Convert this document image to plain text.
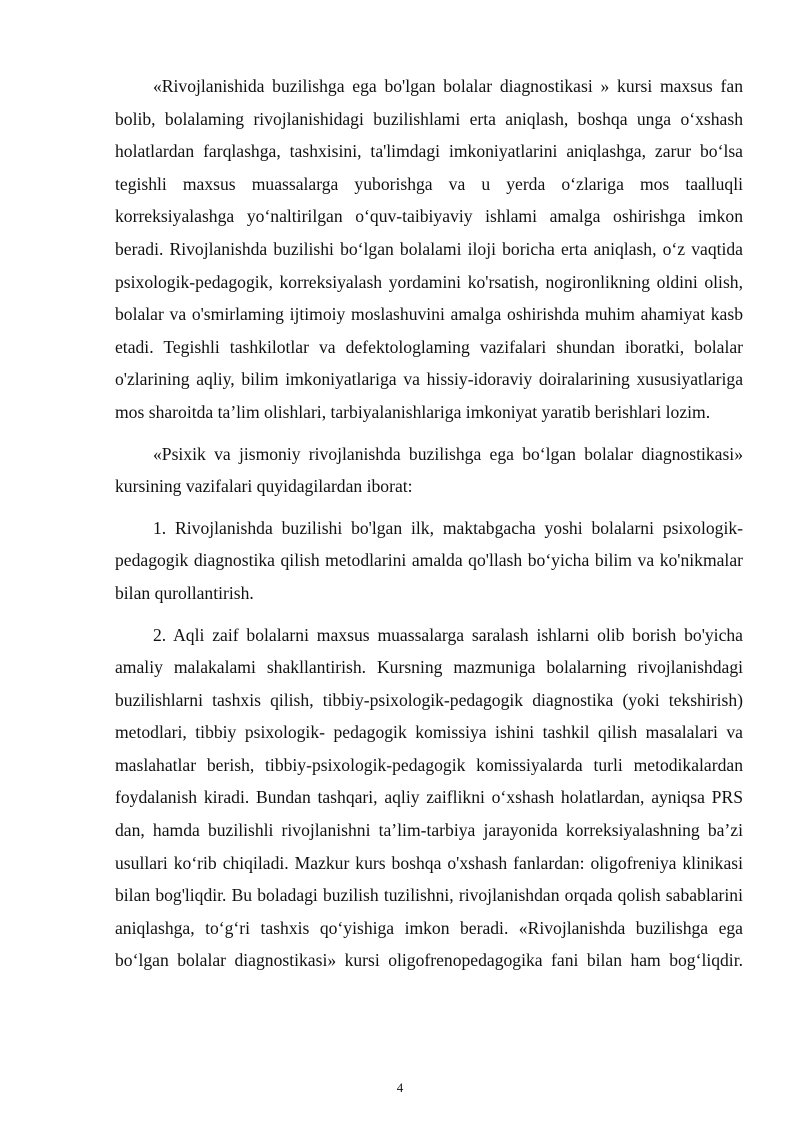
«Rivojlanishida buzilishga ega bo'lgan bolalar diagnostikasi » kursi maxsus fan bolib, bolalaming rivojlanishidagi buzilishlami erta aniqlash, boshqa unga o‘xshash holatlardan farqlashga, tashxisini, ta'limdagi imkoniyatlarini aniqlashga, zarur bo‘lsa tegishli maxsus muassalarga yuborishga va u yerda o‘zlariga mos taalluqli korreksiyalashga yo‘naltirilgan o‘quv-taibiyaviy ishlami amalga oshirishga imkon beradi. Rivojlanishda buzilishi bo‘lgan bolalami iloji boricha erta aniqlash, o‘z vaqtida psixologik-pedagogik, korreksiyalash yordamini ko'rsatish, nogironlikning oldini olish, bolalar va o'smirlaming ijtimoiy moslashuvini amalga oshirishda muhim ahamiyat kasb etadi. Tegishli tashkilotlar va defektologlaming vazifalari shundan iboratki, bolalar o'zlarining aqliy, bilim imkoniyatlariga va hissiy-idoraviy doiralarining xususiyatlariga mos sharoitda ta’lim olishlari, tarbiyalanishlariga imkoniyat yaratib berishlari lozim.

«Psixik va jismoniy rivojlanishda buzilishga ega bo‘lgan bolalar diagnostikasi» kursining vazifalari quyidagilardan iborat:

1. Rivojlanishda buzilishi bo'lgan ilk, maktabgacha yoshi bolalarni psixologik-pedagogik diagnostika qilish metodlarini amalda qo'llash bo‘yicha bilim va ko'nikmalar bilan qurollantirish.

2. Aqli zaif bolalarni maxsus muassalarga saralash ishlarni olib borish bo'yicha amaliy malakalami shakllantirish. Kursning mazmuniga bolalarning rivojlanishdagi buzilishlarni tashxis qilish, tibbiy-psixologik-pedagogik diagnostika (yoki tekshirish) metodlari, tibbiy psixologik- pedagogik komissiya ishini tashkil qilish masalalari va maslahatlar berish, tibbiy-psixologik-pedagogik komissiyalarda turli metodikalardan foydalanish kiradi. Bundan tashqari, aqliy zaiflikni o‘xshash holatlardan, ayniqsa PRS dan, hamda buzilishli rivojlanishni ta’lim-tarbiya jarayonida korreksiyalashning ba’zi usullari ko‘rib chiqiladi. Mazkur kurs boshqa o'xshash fanlardan: oligofreniya klinikasi bilan bog'liqdir. Bu boladagi buzilish tuzilishni, rivojlanishdan orqada qolish sabablarini aniqlashga, to‘g‘ri tashxis qo‘yishiga imkon beradi. «Rivojlanishda buzilishga ega bo‘lgan bolalar diagnostikasi» kursi oligofrenopedagogika fani bilan ham bog‘liqdir.

4
